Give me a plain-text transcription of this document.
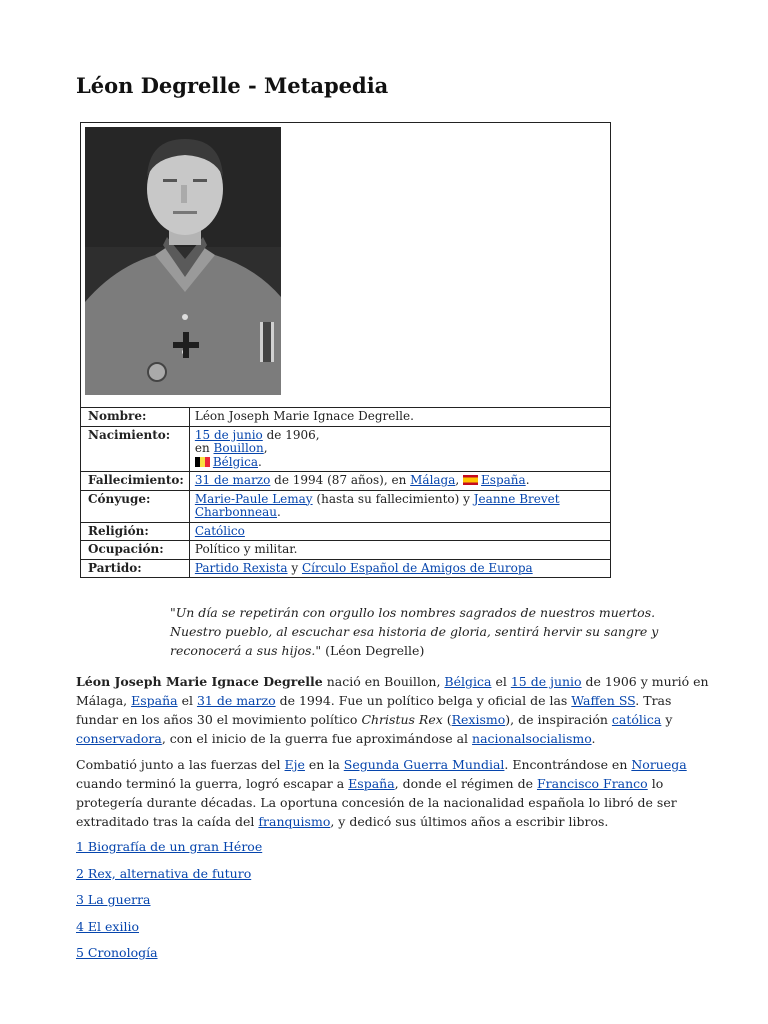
Léon Degrelle - Metapedia

Nombre:	Léon Joseph Marie Ignace Degrelle.
Nacimiento:	15 de junio de 1906,
en Bouillon,
Bélgica.
Fallecimiento:	31 de marzo de 1994 (87 años), en Málaga, España.
Cónyuge:	Marie-Paule Lemay (hasta su fallecimiento) y Jeanne Brevet Charbonneau.
Religión:	Católico
Ocupación:	Político y militar.
Partido:	Partido Rexista y Círculo Español de Amigos de Europa
"Un día se repetirán con orgullo los nombres sagrados de nuestros muertos. Nuestro pueblo, al escuchar esa historia de gloria, sentirá hervir su sangre y reconocerá a sus hijos." (Léon Degrelle)

Léon Joseph Marie Ignace Degrelle nació en Bouillon, Bélgica el 15 de junio de 1906 y murió en Málaga, España el 31 de marzo de 1994. Fue un político belga y oficial de las Waffen SS. Tras fundar en los años 30 el movimiento político Christus Rex (Rexismo), de inspiración católica y conservadora, con el inicio de la guerra fue aproximándose al nacionalsocialismo.

Combatió junto a las fuerzas del Eje en la Segunda Guerra Mundial. Encontrándose en Noruega cuando terminó la guerra, logró escapar a España, donde el régimen de Francisco Franco lo protegería durante décadas. La oportuna concesión de la nacionalidad española lo libró de ser extraditado tras la caída del franquismo, y dedicó sus últimos años a escribir libros.

1 Biografía de un gran Héroe
2 Rex, alternativa de futuro
3 La guerra
4 El exilio
5 Cronología
